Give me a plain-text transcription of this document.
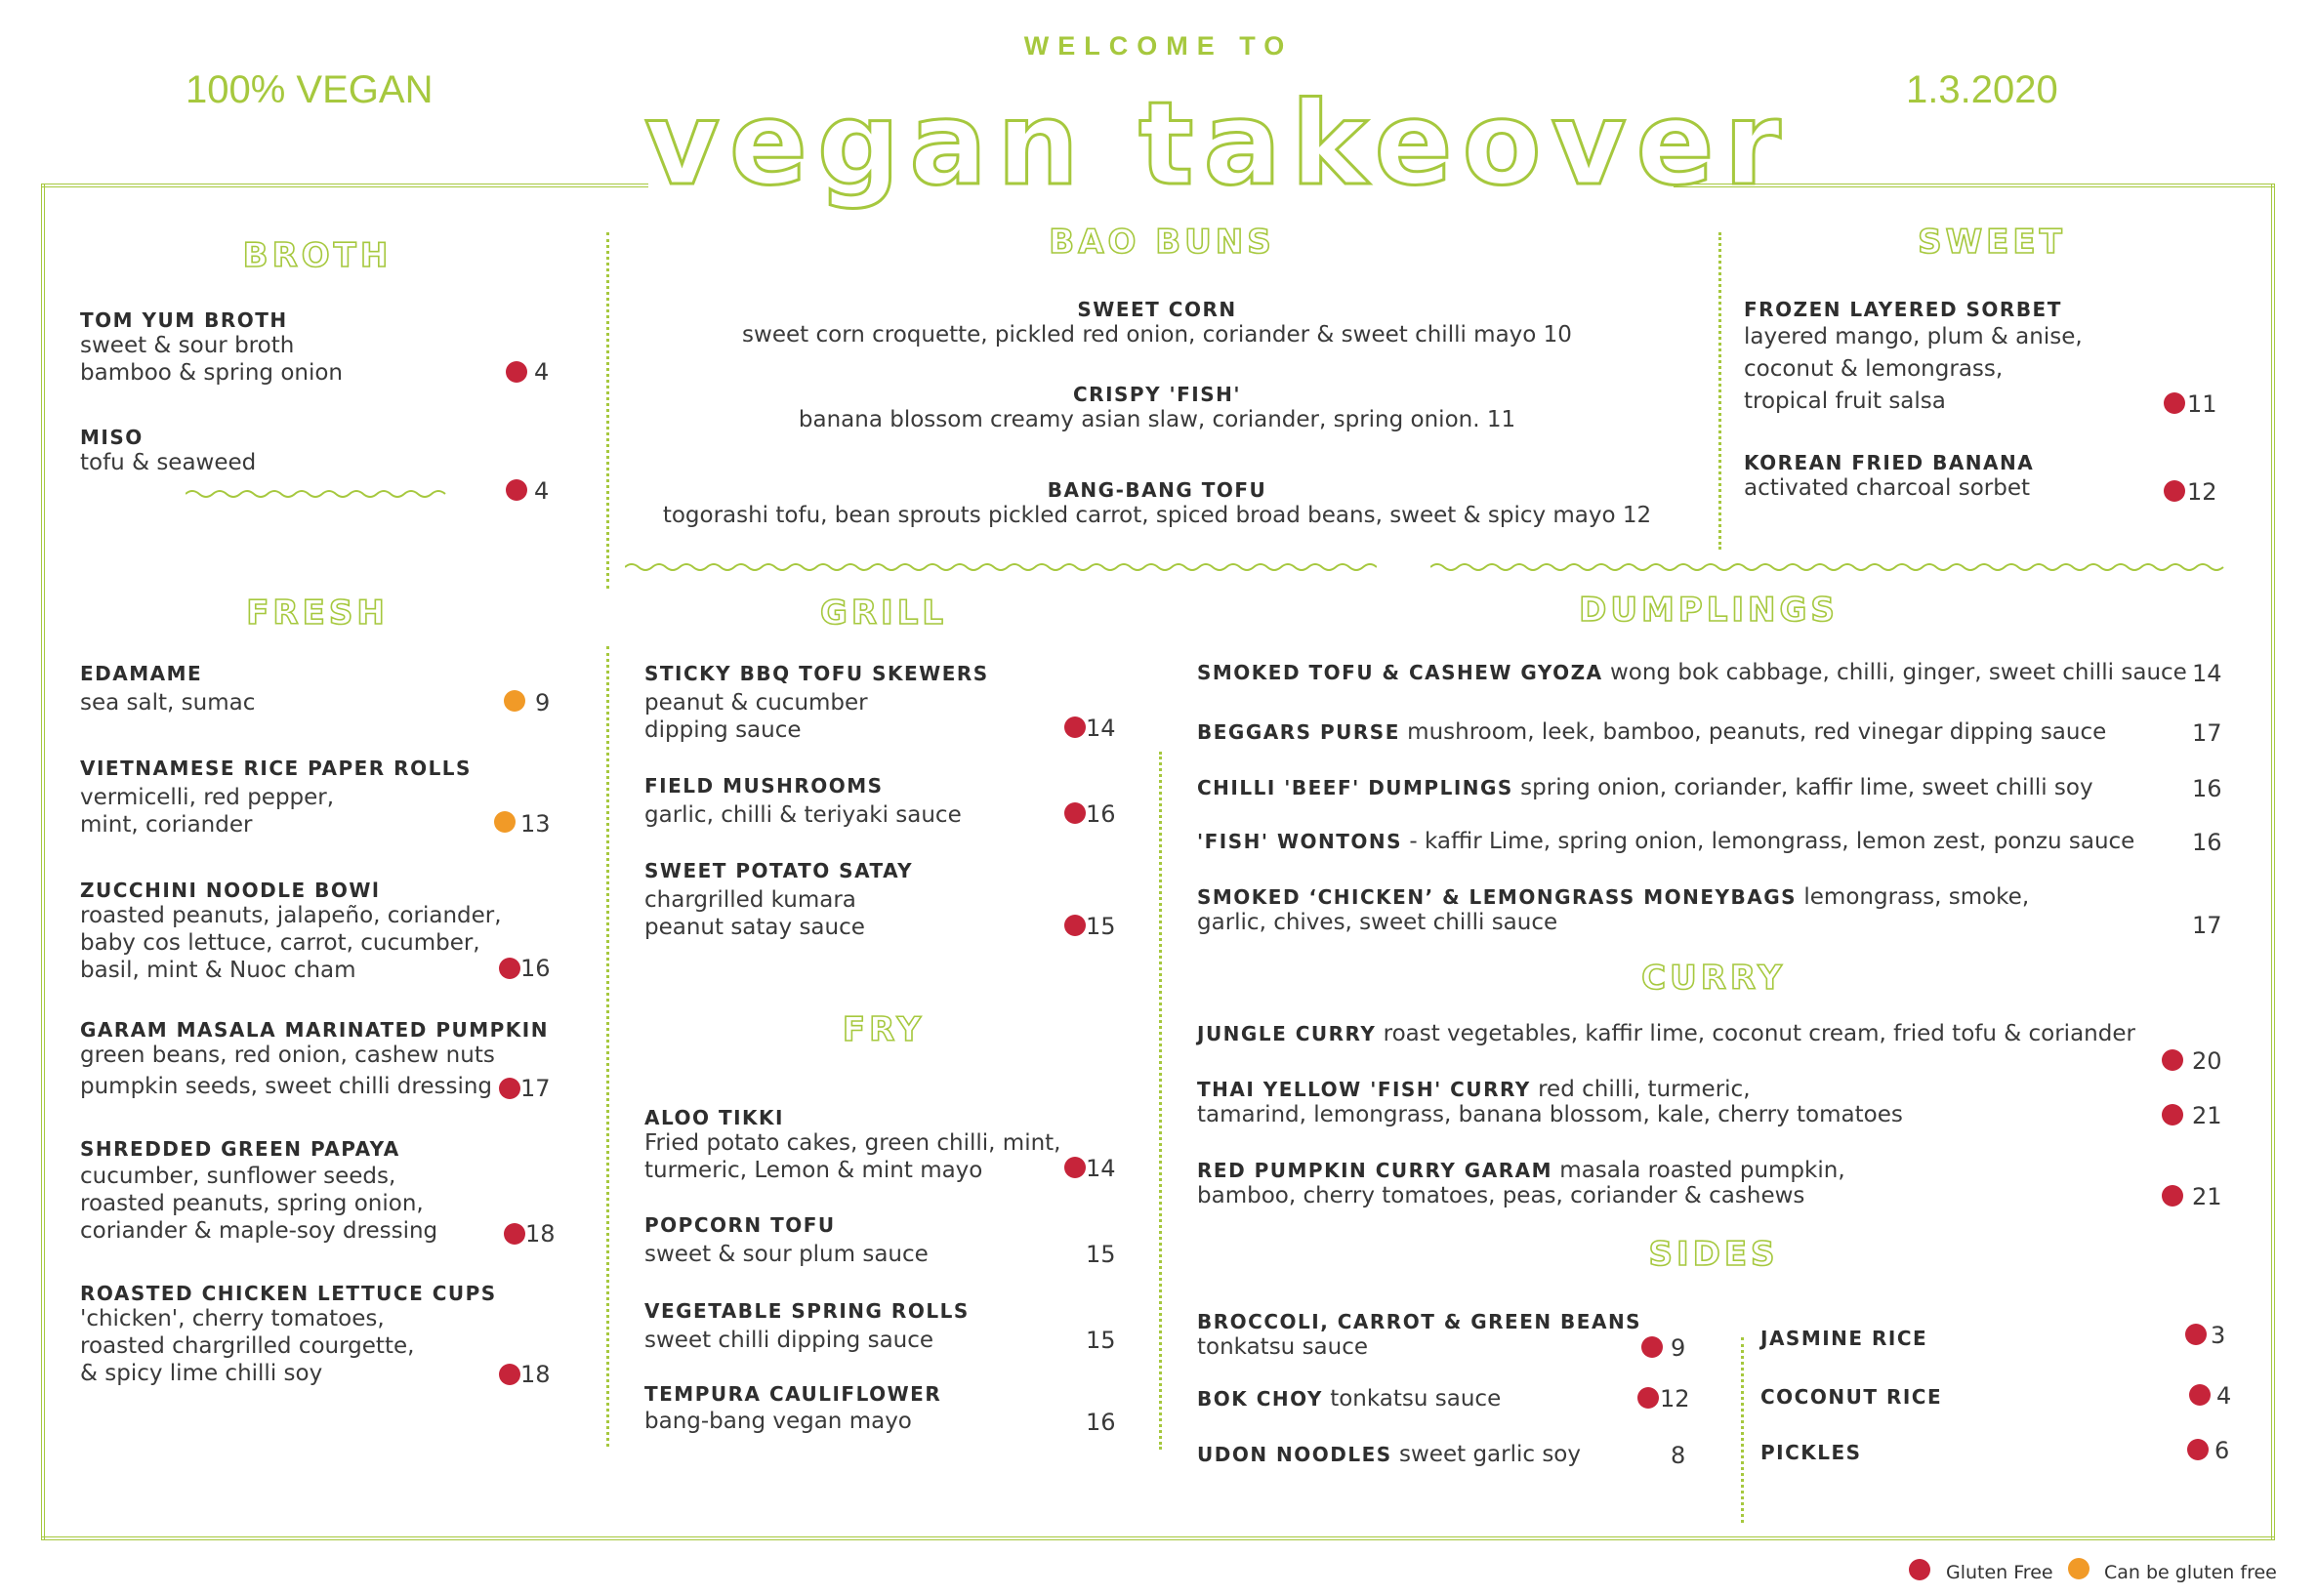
100% VEGAN
WELCOME TO
vegan takeover	1.3.2020
BROTH
TOM YUM BROTH
sweet & sour broth
bamboo & spring onion	4
MISO
tofu & seaweed
4
BAO BUNS
SWEET CORN
sweet corn croquette, pickled red onion, coriander & sweet chilli mayo 10
CRISPY 'FISH'
banana blossom creamy asian slaw, coriander, spring onion. 11
BANG-BANG TOFU
togorashi tofu, bean sprouts pickled carrot, spiced broad beans, sweet & spicy mayo 12
SWEET
FROZEN LAYERED SORBET
layered mango, plum & anise,
coconut & lemongrass,
tropical fruit salsa	11
KOREAN FRIED BANANA
activated charcoal sorbet	12
FRESH
EDAMAME
sea salt, sumac	9
VIETNAMESE RICE PAPER ROLLS
vermicelli, red pepper,
mint, coriander	13
ZUCCHINI NOODLE BOWl
roasted peanuts, jalapeño, coriander,
baby cos lettuce, carrot, cucumber,
basil, mint & Nuoc cham	16
GARAM MASALA MARINATED PUMPKIN
green beans, red onion, cashew nuts
pumpkin seeds, sweet chilli dressing	17
SHREDDED GREEN PAPAYA
cucumber, sunflower seeds,
roasted peanuts, spring onion,
coriander & maple-soy dressing	18
ROASTED CHICKEN LETTUCE CUPS
'chicken', cherry tomatoes,
roasted chargrilled courgette,
& spicy lime chilli soy	18
GRILL
STICKY BBQ TOFU SKEWERS
peanut & cucumber
dipping sauce	14
FIELD MUSHROOMS
garlic, chilli & teriyaki sauce	16
SWEET POTATO SATAY
chargrilled kumara
peanut satay sauce	15
FRY
ALOO TIKKI
Fried potato cakes, green chilli, mint,
turmeric, Lemon & mint mayo	14
POPCORN TOFU
sweet & sour plum sauce	15
VEGETABLE SPRING ROLLS
sweet chilli dipping sauce	15
TEMPURA CAULIFLOWER
bang-bang vegan mayo	16
DUMPLINGS
SMOKED TOFU & CASHEW GYOZA wong bok cabbage, chilli, ginger, sweet chilli sauce 14
BEGGARS PURSE mushroom, leek, bamboo, peanuts, red vinegar dipping sauce	17
CHILLI 'BEEF' DUMPLINGS spring onion, coriander, kaffir lime, sweet chilli soy	16
'FISH' WONTONS - kaffir Lime, spring onion, lemongrass, lemon zest, ponzu sauce 16
SMOKED ‘CHICKEN’ & LEMONGRASS MONEYBAGS lemongrass, smoke,
garlic, chives, sweet chilli sauce	17
CURRY
JUNGLE CURRY roast vegetables, kaffir lime, coconut cream, fried tofu & coriander
20
THAI YELLOW 'FISH' CURRY red chilli, turmeric,
tamarind, lemongrass, banana blossom, kale, cherry tomatoes	21
RED PUMPKIN CURRY GARAM masala roasted pumpkin,
bamboo, cherry tomatoes, peas, coriander & cashews	21
SIDES
BROCCOLI, CARROT & GREEN BEANS
tonkatsu sauce	9
BOK CHOY tonkatsu sauce	12
UDON NOODLES sweet garlic soy	8
JASMINE RICE	3
COCONUT RICE	4
PICKLES	6
Gluten Free	Can be gluten free
